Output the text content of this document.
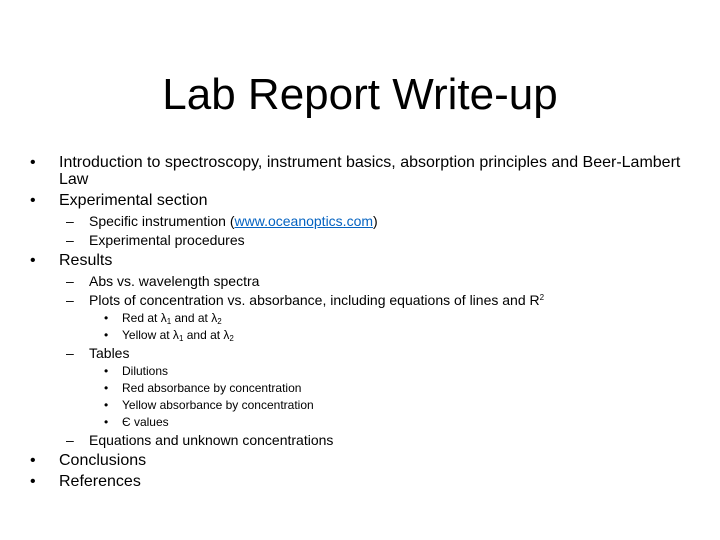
Lab Report Write-up
• Introduction to spectroscopy, instrument basics, absorption principles and Beer-Lambert Law
• Experimental section
– Specific instrumention (www.oceanoptics.com)
– Experimental procedures
• Results
– Abs vs. wavelength spectra
– Plots of concentration vs. absorbance, including equations of lines and $R^2$
• Red at $\lambda_1$ and at $\lambda_2$
• Yellow at $\lambda_1$ and at $\lambda_2$
– Tables
• Dilutions
• Red absorbance by concentration
• Yellow absorbance by concentration
• Є values
– Equations and unknown concentrations
• Conclusions
• References
